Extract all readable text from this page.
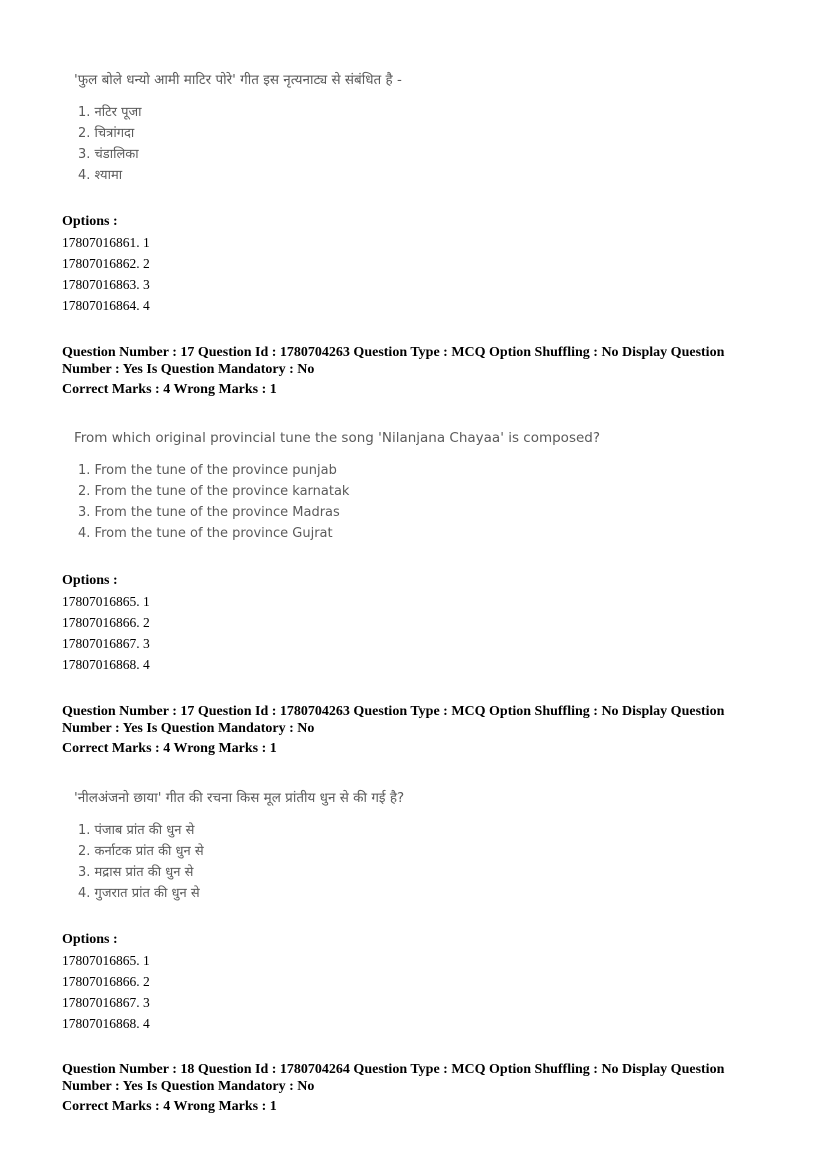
'फुल बोले धन्यो आमी माटिर पोरे' गीत इस नृत्यनाट्य से संबंधित है -

1. नटिर पूजा
2. चित्रांगदा
3. चंडालिका
4. श्यामा
Options :
17807016861. 1
17807016862. 2
17807016863. 3
17807016864. 4
Question Number : 17 Question Id : 1780704263 Question Type : MCQ Option Shuffling : No Display Question
Number : Yes Is Question Mandatory : No
Correct Marks : 4 Wrong Marks : 1

From which original provincial tune the song 'Nilanjana Chayaa' is composed?

1. From the tune of the province punjab
2. From the tune of the province karnatak
3. From the tune of the province Madras
4. From the tune of the province Gujrat
Options :
17807016865. 1
17807016866. 2
17807016867. 3
17807016868. 4
Question Number : 17 Question Id : 1780704263 Question Type : MCQ Option Shuffling : No Display Question
Number : Yes Is Question Mandatory : No
Correct Marks : 4 Wrong Marks : 1

'नीलअंजनो छाया' गीत की रचना किस मूल प्रांतीय धुन से की गई है?

1. पंजाब प्रांत की धुन से
2. कर्नाटक प्रांत की धुन से
3. मद्रास प्रांत की धुन से
4. गुजरात प्रांत की धुन से
Options :
17807016865. 1
17807016866. 2
17807016867. 3
17807016868. 4
Question Number : 18 Question Id : 1780704264 Question Type : MCQ Option Shuffling : No Display Question
Number : Yes Is Question Mandatory : No
Correct Marks : 4 Wrong Marks : 1
